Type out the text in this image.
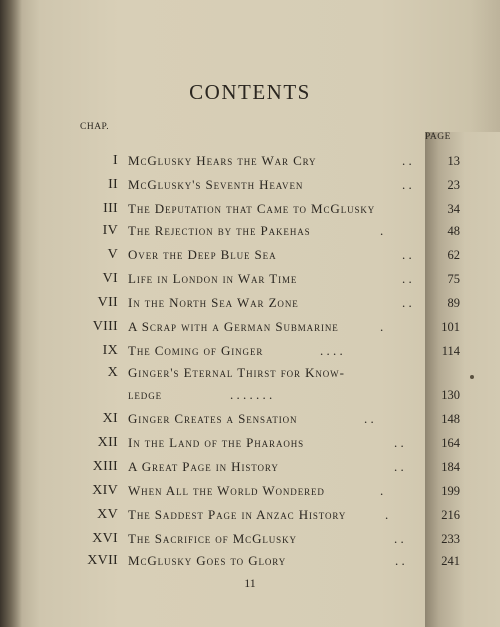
CONTENTS
CHAP.
PAGE
I McGlusky Hears the War Cry	. .	13
II McGlusky's Seventh Heaven	. .	23
III The Deputation that Came to McGlusky	34
IV The Rejection by the Pakehas	.	48
V Over the Deep Blue Sea	. .	62
VI Life in London in War Time	. .	75
VII In the North Sea War Zone	. .	89
VIII A Scrap with a German Submarine	.	101
IX The Coming of Ginger	. . . .	114
X Ginger's Eternal Thirst for Know-
ledge	. . . . . . .	130
XI Ginger Creates a Sensation	. .	148
XII In the Land of the Pharaohs	. .	164
XIII A Great Page in History	. .	184
XIV When All the World Wondered	.	199
XV The Saddest Page in Anzac History	.	216
XVI The Sacrifice of McGlusky	. .	233
XVII McGlusky Goes to Glory	. .	241
11
